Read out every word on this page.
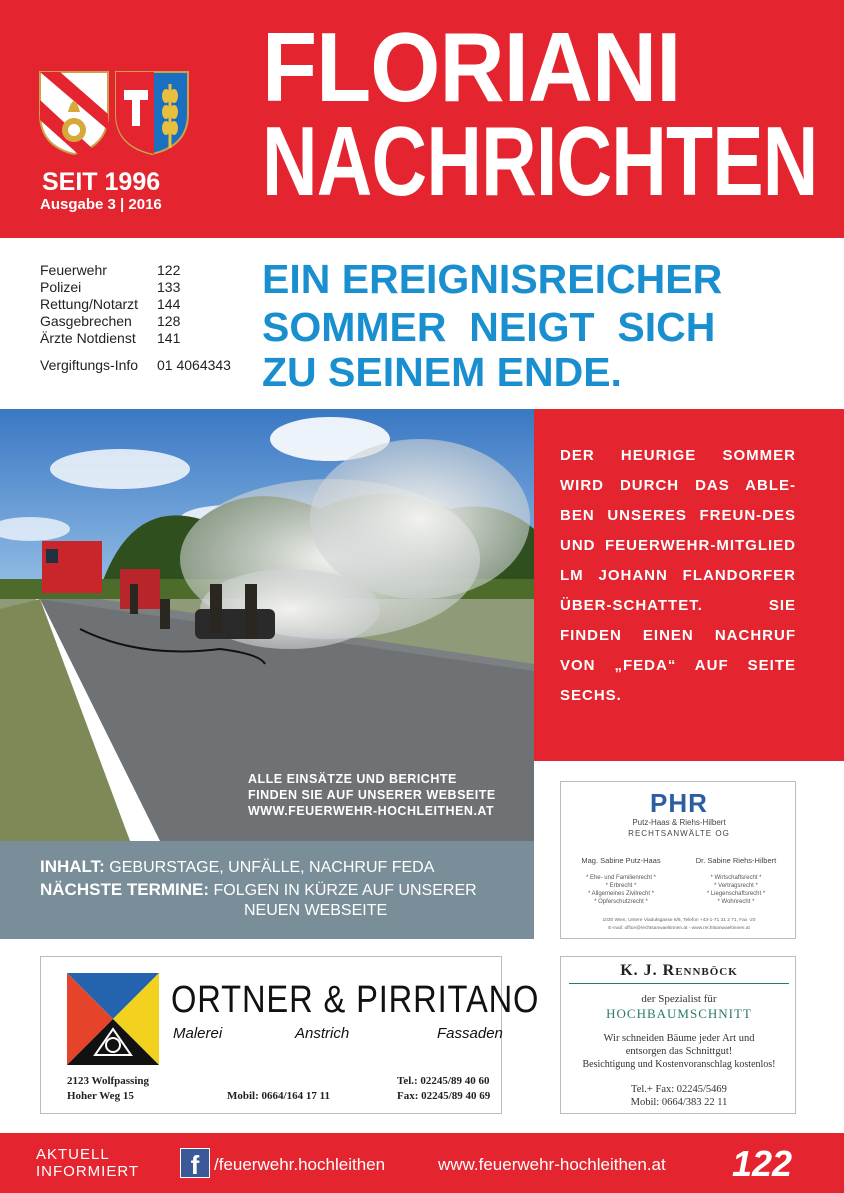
SEIT 1996
Ausgabe 3 | 2016
FLORIANI
NACHRICHTEN
Feuerwehr	122
Polizei	133
Rettung/Notarzt 144
Gasgebrechen 128
Ärzte Notdienst 141
Vergiftungs-Info 01 4064343
EIN EREIGNISREICHER
SOMMER  NEIGT  SICH
ZU SEINEM ENDE.
ALLE EINSÄTZE UND BERICHTE
FINDEN SIE AUF UNSERER WEBSEITE
WWW.FEUERWEHR-HOCHLEITHEN.AT
DER HEURIGE SOMMER WIRD DURCH DAS ABLE-BEN UNSERES FREUN-DES UND FEUERWEHR-MITGLIED LM JOHANN FLANDORFER ÜBER-SCHATTET. SIE FINDEN EINEN NACHRUF VON „FEDA“ AUF SEITE SECHS.
INHALT: GEBURSTAGE, UNFÄLLE, NACHRUF FEDA
NÄCHSTE TERMINE: FOLGEN IN KÜRZE AUF UNSERER
NEUEN WEBSEITE
PHR
Putz-Haas & Riehs-Hilbert
RECHTSANWÄLTE OG
Mag. Sabine Putz-Haas	Dr. Sabine Riehs-Hilbert
* Ehe- und Familienrecht *
* Erbrecht *
* Allgemeines Zivilrecht *
* Opferschutzrecht *
* Wirtschaftsrecht *
* Vertragsrecht *
* Liegenschaftsrecht *
* Wohnrecht *
1030 Wien, Untere Viaduktgasse 6/8, Telefon +43-1-71 31 2 71, Fax -20
E-mail: office@rechtsanwaeltinnen.at - www.rechtsanwaeltinnen.at
ORTNER & PIRRITANO
Malerei	Anstrich	Fassaden
2123 Wolfpassing
Hoher Weg 15	Mobil: 0664/164 17 11
Tel.: 02245/89 40 60
Fax: 02245/89 40 69
K. J. Rennböck
der Spezialist für
HOCHBAUMSCHNITT
Wir schneiden Bäume jeder Art und
entsorgen das Schnittgut!
Besichtigung und Kostenvoranschlag kostenlos!
Tel.+ Fax: 02245/5469
Mobil: 0664/383 22 11
AKTUELL
INFORMIERT	f /feuerwehr.hochleithen	www.feuerwehr-hochleithen.at 122
